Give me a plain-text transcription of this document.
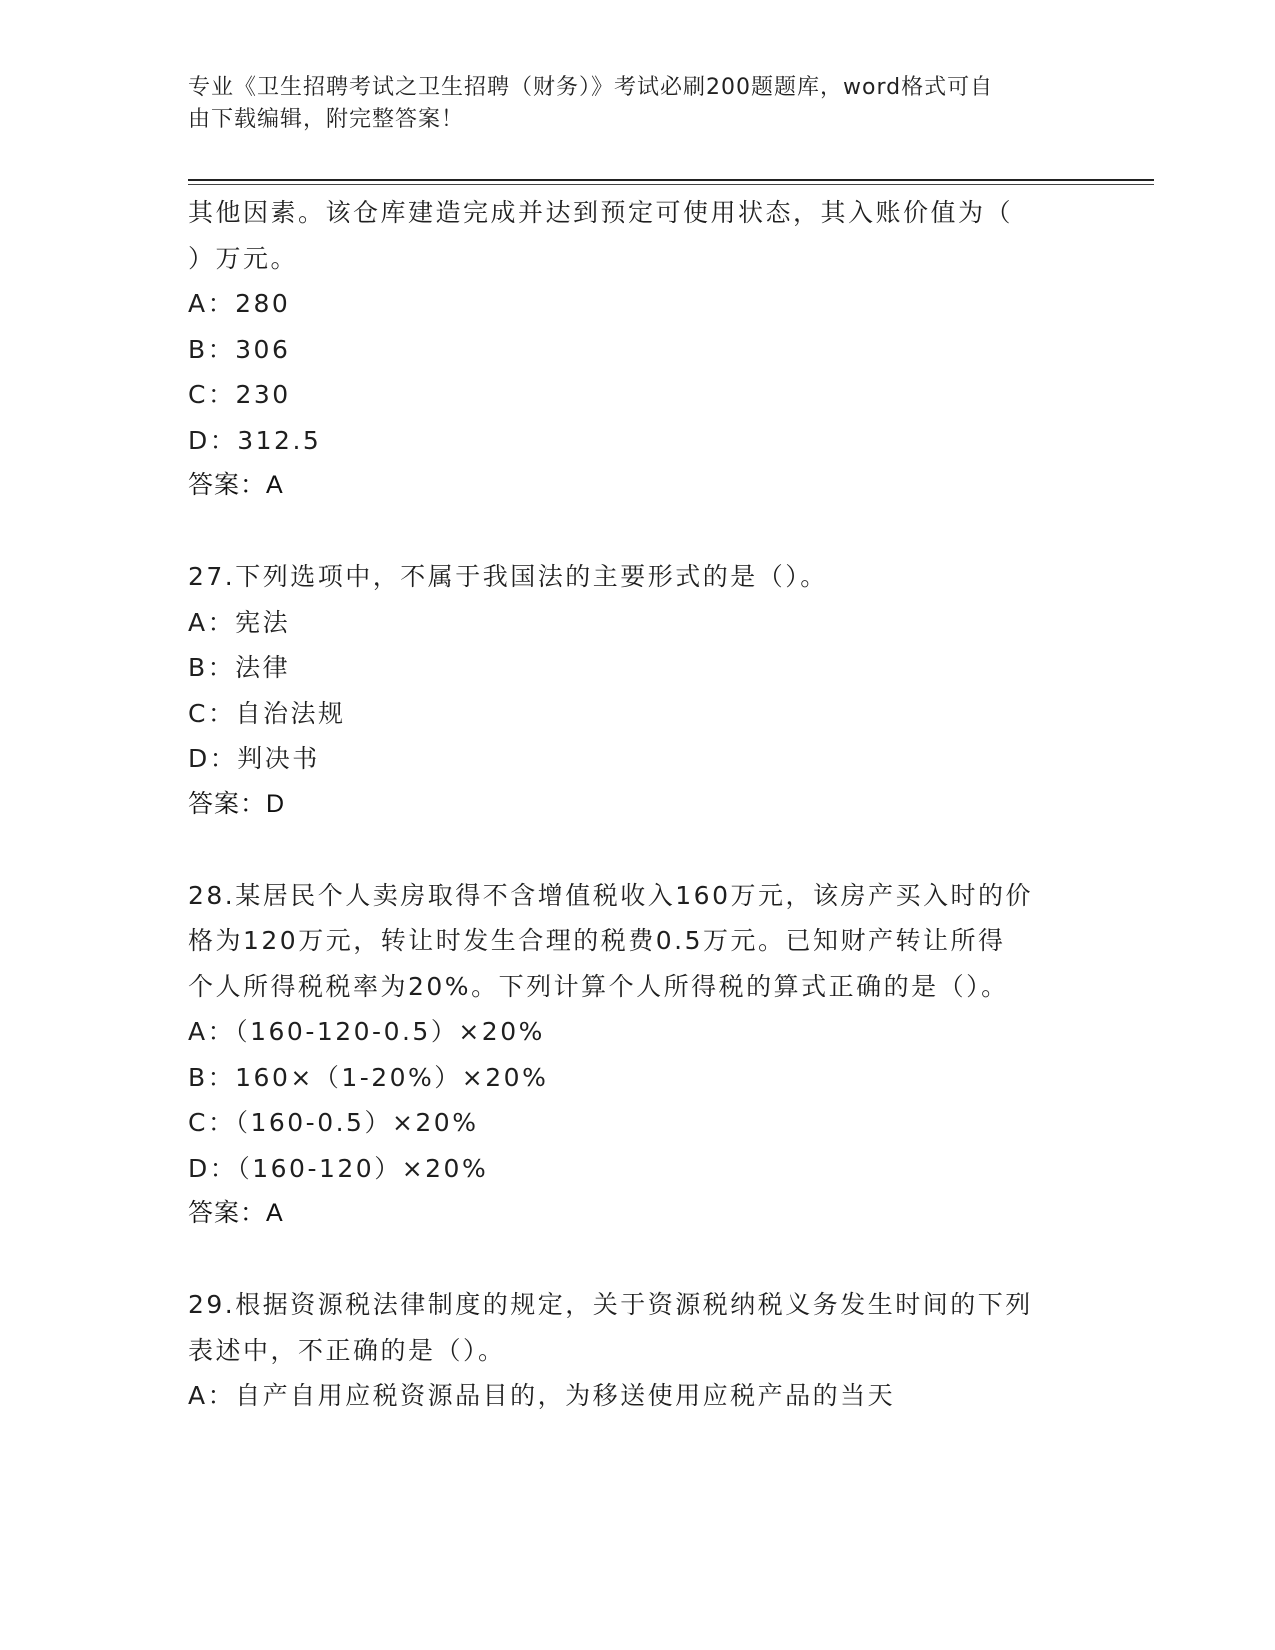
专业《卫生招聘考试之卫生招聘（财务）》考试必刷200题题库，word格式可自
由下载编辑，附完整答案！
其他因素。该仓库建造完成并达到预定可使用状态，其入账价值为（
）万元。
A：280
B：306
C：230
D：312.5
答案：A
27.下列选项中，不属于我国法的主要形式的是（）。
A：宪法
B：法律
C：自治法规
D：判决书
答案：D
28.某居民个人卖房取得不含增值税收入160万元，该房产买入时的价
格为120万元，转让时发生合理的税费0.5万元。已知财产转让所得
个人所得税税率为20%。下列计算个人所得税的算式正确的是（）。
A：（160-120-0.5）×20%
B：160×（1-20%）×20%
C：（160-0.5）×20%
D：（160-120）×20%
答案：A
29.根据资源税法律制度的规定，关于资源税纳税义务发生时间的下列
表述中，不正确的是（）。
A：自产自用应税资源品目的，为移送使用应税产品的当天
